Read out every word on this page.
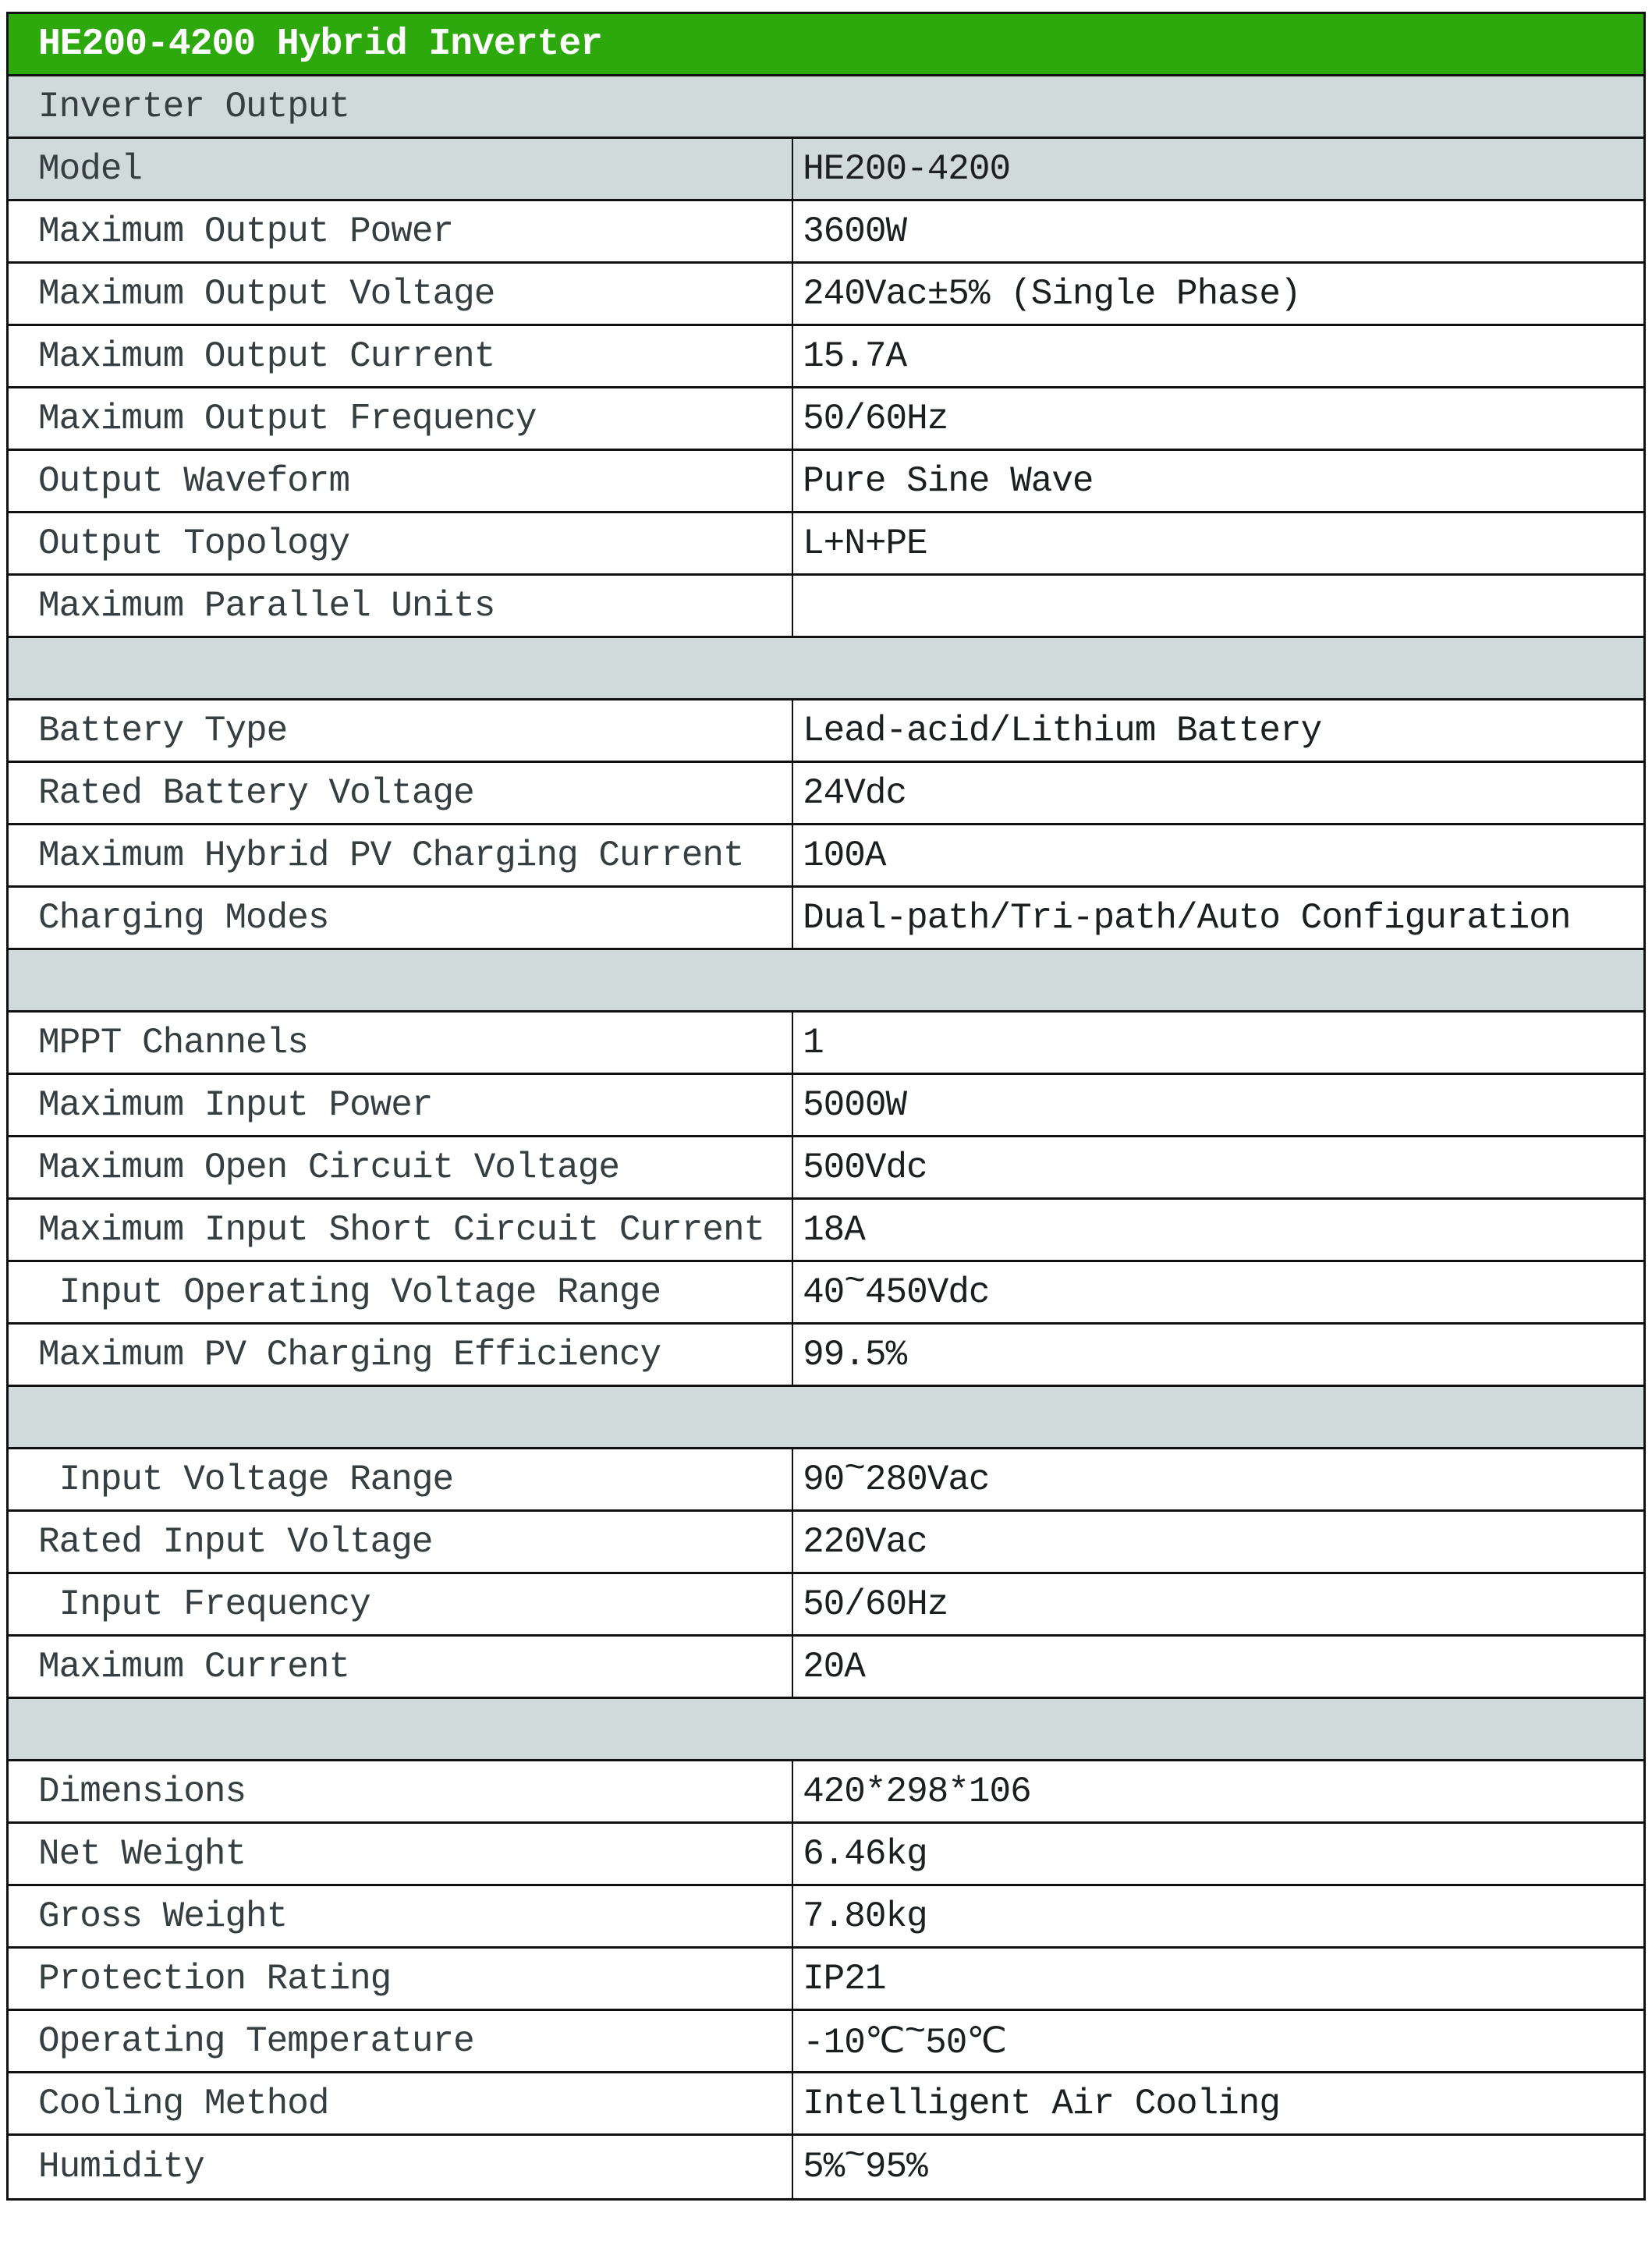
HE200-4200 Hybrid Inverter
Inverter Output
Model	HE200-4200
Maximum Output Power	3600W
Maximum Output Voltage	240Vac±5% (Single Phase)
Maximum Output Current	15.7A
Maximum Output Frequency	50/60Hz
Output Waveform	Pure Sine Wave
Output Topology	L+N+PE
Maximum Parallel Units
Battery Type	Lead-acid/Lithium Battery
Rated Battery Voltage	24Vdc
Maximum Hybrid PV Charging Current 100A
Charging Modes	Dual-path/Tri-path/Auto Configuration
MPPT Channels	1
Maximum Input Power	5000W
Maximum Open Circuit Voltage	500Vdc
Maximum Input Short Circuit Current 18A
Input Operating Voltage Range	40~450Vdc
Maximum PV Charging Efficiency	99.5%
Input Voltage Range	90~280Vac
Rated Input Voltage	220Vac
Input Frequency	50/60Hz
Maximum Current	20A
Dimensions	420*298*106
Net Weight	6.46kg
Gross Weight	7.80kg
Protection Rating	IP21
Operating Temperature	-10℃~50℃
Cooling Method	Intelligent Air Cooling
Humidity	5%~95%
